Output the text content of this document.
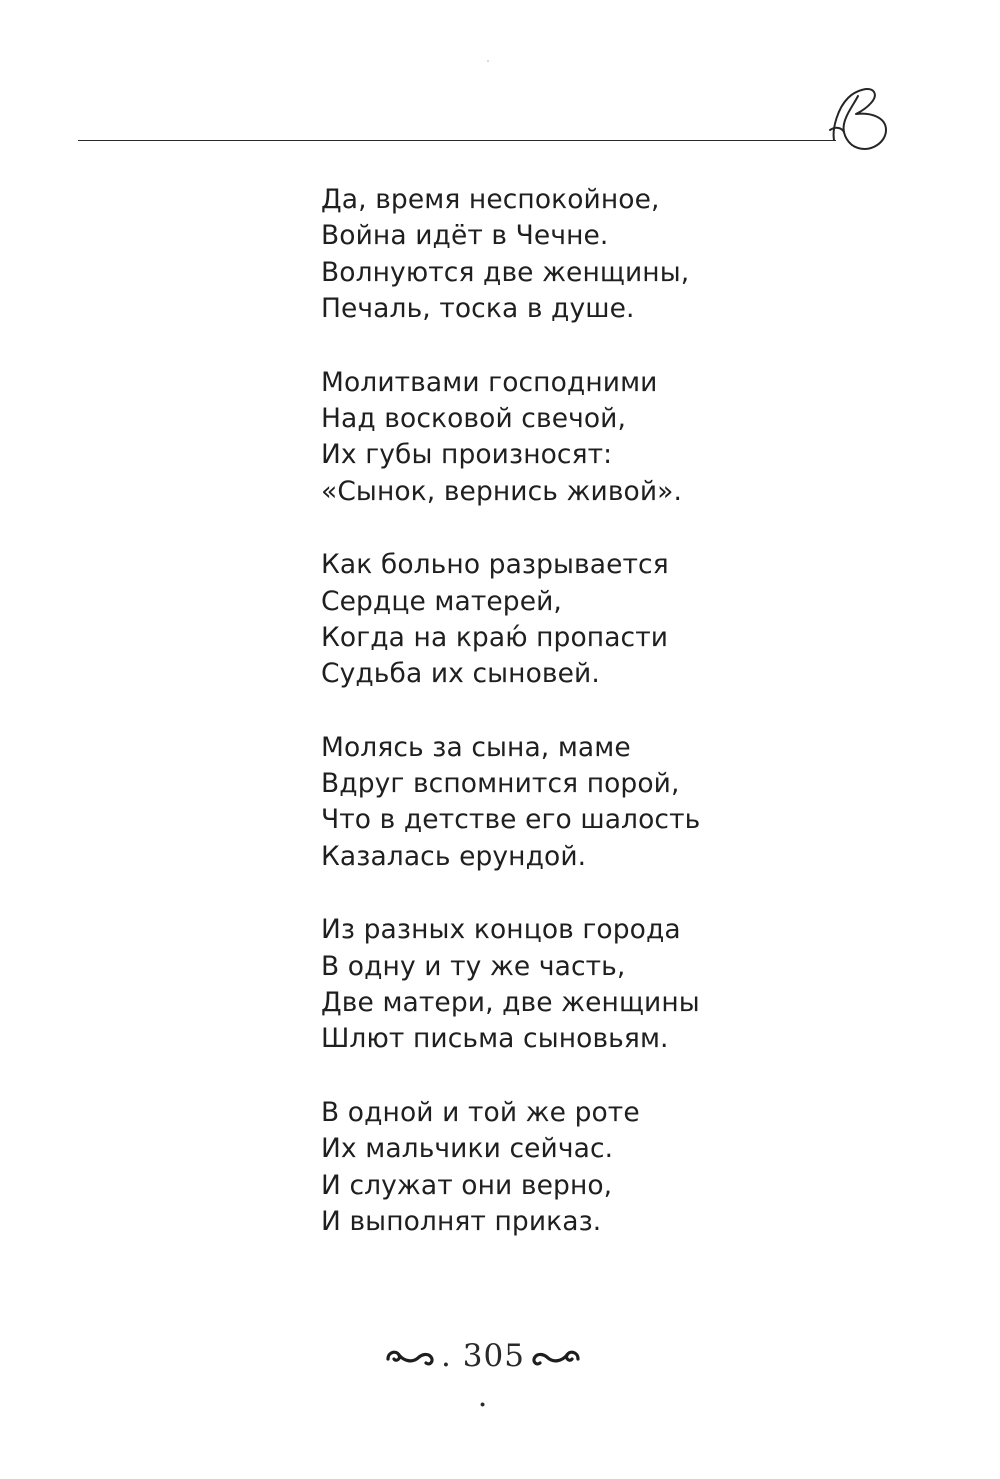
Да, время неспокойное,
Война идёт в Чечне.
Волнуются две женщины,
Печаль, тоска в душе.
Молитвами господними
Над восковой свечой,
Их губы произносят:
«Сынок, вернись живой».
Как больно разрывается
Сердце матерей,
Когда на краю́ пропасти
Судьба их сыновей.
Молясь за сына, маме
Вдруг вспомнится порой,
Что в детстве его шалость
Казалась ерундой.
Из разных концов города
В одну и ту же часть,
Две матери, две женщины
Шлют письма сыновьям.
В одной и той же роте
Их мальчики сейчас.
И служат они верно,
И выполнят приказ.
. 305 .
